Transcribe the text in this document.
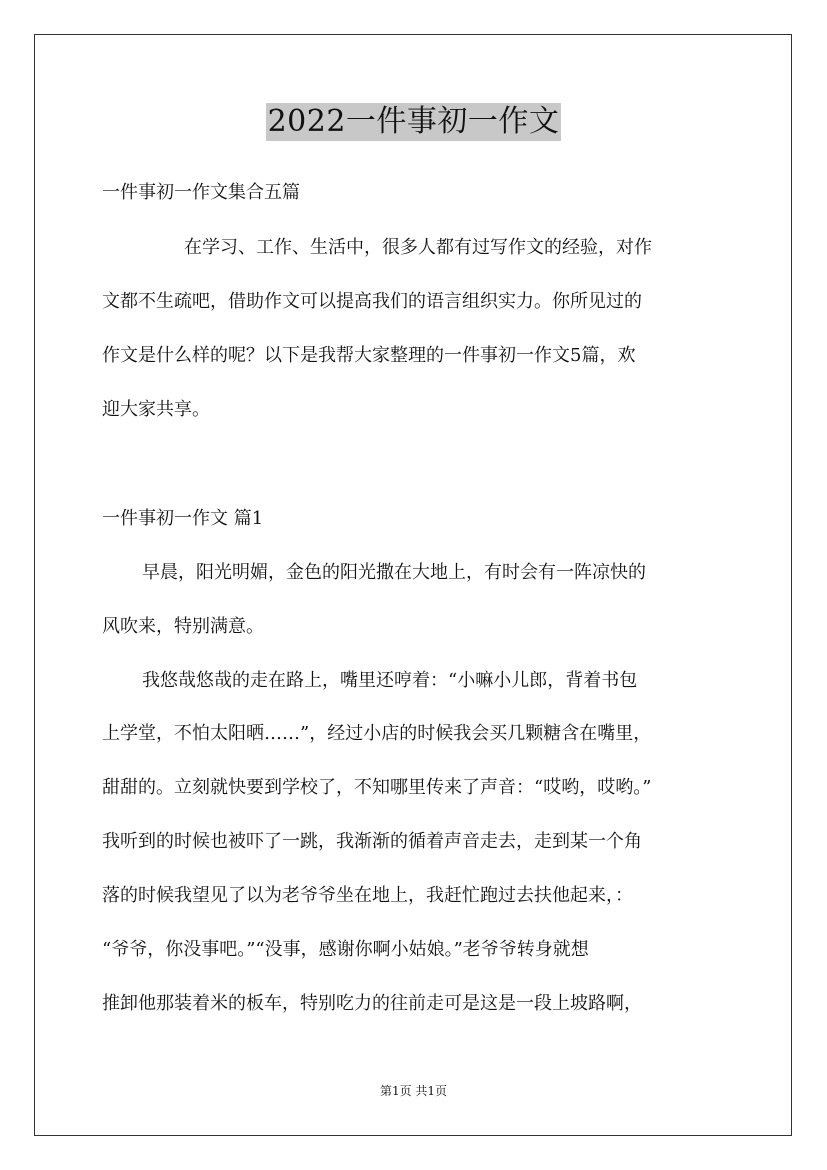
2022一件事初一作文
一件事初一作文集合五篇
在学习、工作、生活中，很多人都有过写作文的经验，对作
文都不生疏吧，借助作文可以提高我们的语言组织实力。你所见过的
作文是什么样的呢？以下是我帮大家整理的一件事初一作文5篇，欢
迎大家共享。
一件事初一作文 篇1
早晨，阳光明媚，金色的阳光撒在大地上，有时会有一阵凉快的
风吹来，特别满意。
我悠哉悠哉的走在路上，嘴里还哼着：“小嘛小儿郎，背着书包
上学堂，不怕太阳晒……”，经过小店的时候我会买几颗糖含在嘴里，
甜甜的。立刻就快要到学校了，不知哪里传来了声音：“哎哟，哎哟。”
我听到的时候也被吓了一跳，我渐渐的循着声音走去，走到某一个角
落的时候我望见了以为老爷爷坐在地上，我赶忙跑过去扶他起来，：
“爷爷，你没事吧。”“没事，感谢你啊小姑娘。”老爷爷转身就想
推卸他那装着米的板车，特别吃力的往前走可是这是一段上坡路啊，
第1页 共1页
